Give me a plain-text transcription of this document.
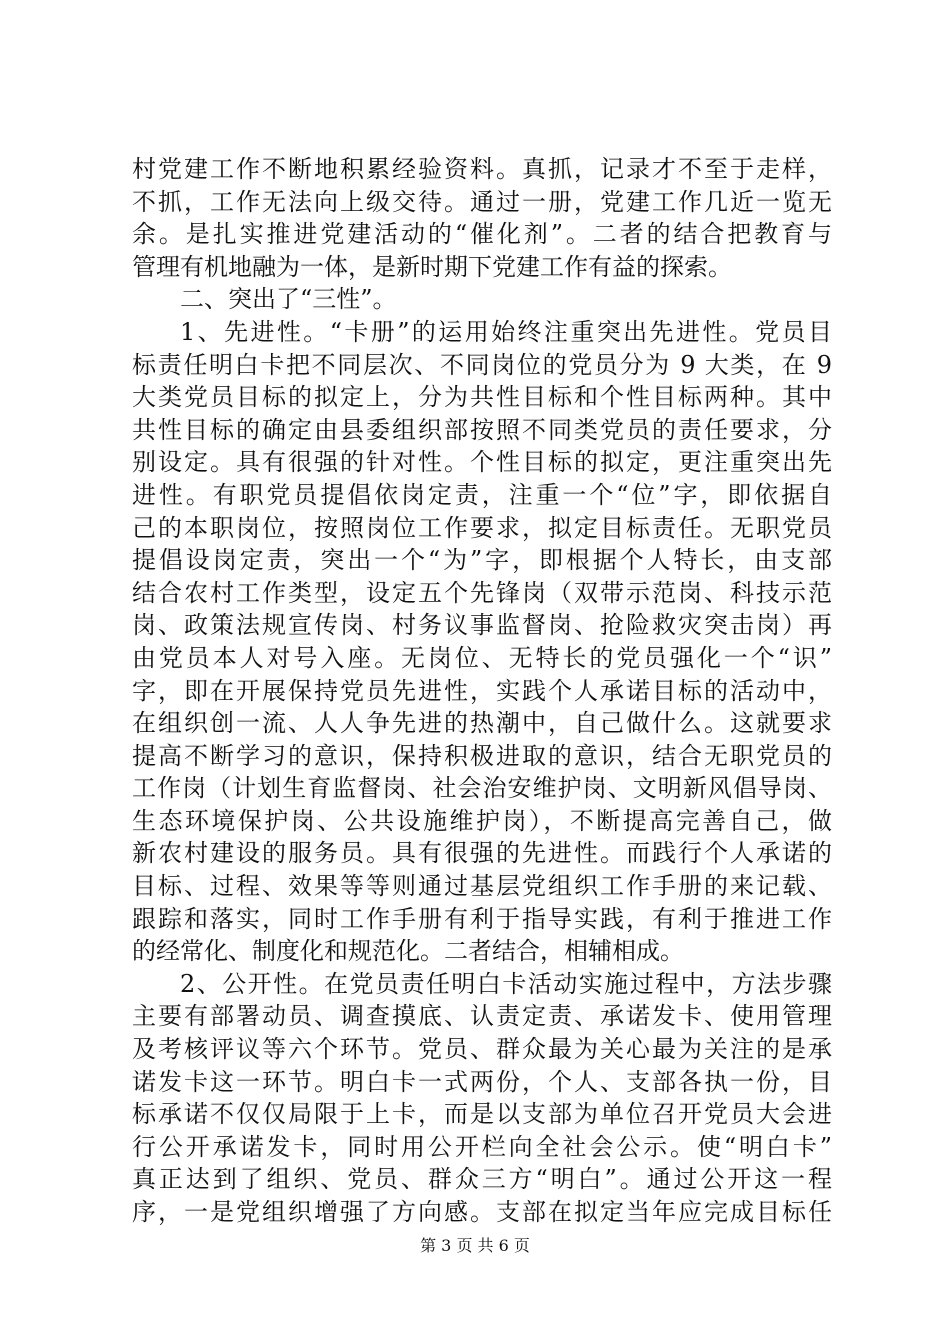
村党建工作不断地积累经验资料。真抓，记录才不至于走样，
不抓，工作无法向上级交待。通过一册，党建工作几近一览无
余。是扎实推进党建活动的“催化剂”。二者的结合把教育与
管理有机地融为一体，是新时期下党建工作有益的探索。
二、突出了“三性”。
1、先进性。“卡册”的运用始终注重突出先进性。党员目
标责任明白卡把不同层次、不同岗位的党员分为 9 大类，在 9
大类党员目标的拟定上，分为共性目标和个性目标两种。其中
共性目标的确定由县委组织部按照不同类党员的责任要求，分
别设定。具有很强的针对性。个性目标的拟定，更注重突出先
进性。有职党员提倡依岗定责，注重一个“位”字，即依据自
己的本职岗位，按照岗位工作要求，拟定目标责任。无职党员
提倡设岗定责，突出一个“为”字，即根据个人特长，由支部
结合农村工作类型，设定五个先锋岗（双带示范岗、科技示范
岗、政策法规宣传岗、村务议事监督岗、抢险救灾突击岗）再
由党员本人对号入座。无岗位、无特长的党员强化一个“识”
字，即在开展保持党员先进性，实践个人承诺目标的活动中，
在组织创一流、人人争先进的热潮中，自己做什么。这就要求
提高不断学习的意识，保持积极进取的意识，结合无职党员的
工作岗（计划生育监督岗、社会治安维护岗、文明新风倡导岗、
生态环境保护岗、公共设施维护岗），不断提高完善自己，做
新农村建设的服务员。具有很强的先进性。而践行个人承诺的
目标、过程、效果等等则通过基层党组织工作手册的来记载、
跟踪和落实，同时工作手册有利于指导实践，有利于推进工作
的经常化、制度化和规范化。二者结合，相辅相成。
2、公开性。在党员责任明白卡活动实施过程中，方法步骤
主要有部署动员、调查摸底、认责定责、承诺发卡、使用管理
及考核评议等六个环节。党员、群众最为关心最为关注的是承
诺发卡这一环节。明白卡一式两份，个人、支部各执一份，目
标承诺不仅仅局限于上卡，而是以支部为单位召开党员大会进
行公开承诺发卡，同时用公开栏向全社会公示。使“明白卡”
真正达到了组织、党员、群众三方“明白”。通过公开这一程
序，一是党组织增强了方向感。支部在拟定当年应完成目标任
第 3 页 共 6 页
